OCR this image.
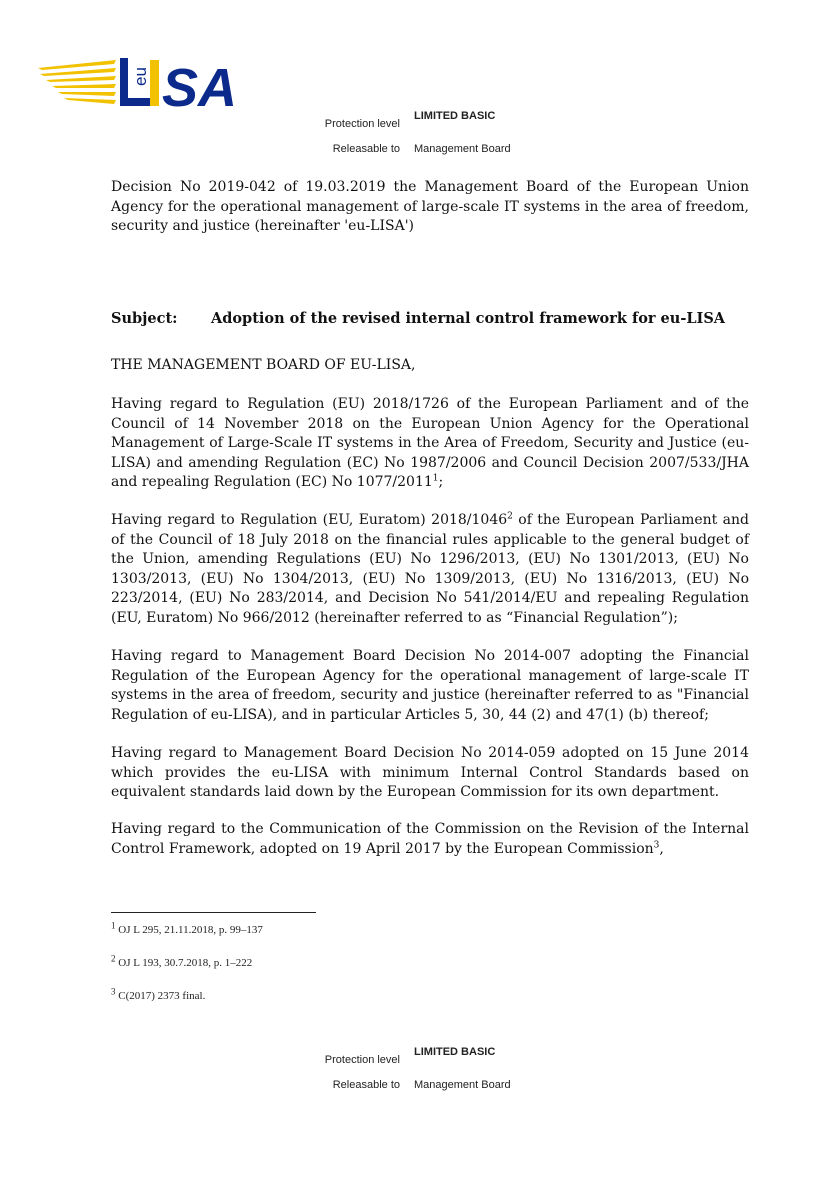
eu SA
Protection level
LIMITED BASIC
Releasable to Management Board

Decision No 2019-042 of 19.03.2019 the Management Board of the European Union Agency for the operational management of large-scale IT systems in the area of freedom, security and justice (hereinafter 'eu-LISA')

Subject:	Adoption of the revised internal control framework for eu-LISA

THE MANAGEMENT BOARD OF EU-LISA,

Having regard to Regulation (EU) 2018/1726 of the European Parliament and of the Council of 14 November 2018 on the European Union Agency for the Operational Management of Large-Scale IT systems in the Area of Freedom, Security and Justice (eu-LISA) and amending Regulation (EC) No 1987/2006 and Council Decision 2007/533/JHA and repealing Regulation (EC) No 1077/2011$^1$;

Having regard to Regulation (EU, Euratom) 2018/1046$^2$ of the European Parliament and of the Council of 18 July 2018 on the financial rules applicable to the general budget of the Union, amending Regulations (EU) No 1296/2013, (EU) No 1301/2013, (EU) No 1303/2013, (EU) No 1304/2013, (EU) No 1309/2013, (EU) No 1316/2013, (EU) No 223/2014, (EU) No 283/2014, and Decision No 541/2014/EU and repealing Regulation (EU, Euratom) No 966/2012 (hereinafter referred to as “Financial Regulation”);

Having regard to Management Board Decision No 2014-007 adopting the Financial Regulation of the European Agency for the operational management of large-scale IT systems in the area of freedom, security and justice (hereinafter referred to as "Financial Regulation of eu-LISA), and in particular Articles 5, 30, 44 (2) and 47(1) (b) thereof;

Having regard to Management Board Decision No 2014-059 adopted on 15 June 2014 which provides the eu-LISA with minimum Internal Control Standards based on equivalent standards laid down by the European Commission for its own department.

Having regard to the Communication of the Commission on the Revision of the Internal Control Framework, adopted on 19 April 2017 by the European Commission$^3$,

$^1$ OJ L 295, 21.11.2018, p. 99–137
$^2$ OJ L 193, 30.7.2018, p. 1–222
$^3$ C(2017) 2373 final.
Protection level
LIMITED BASIC
Releasable to Management Board
